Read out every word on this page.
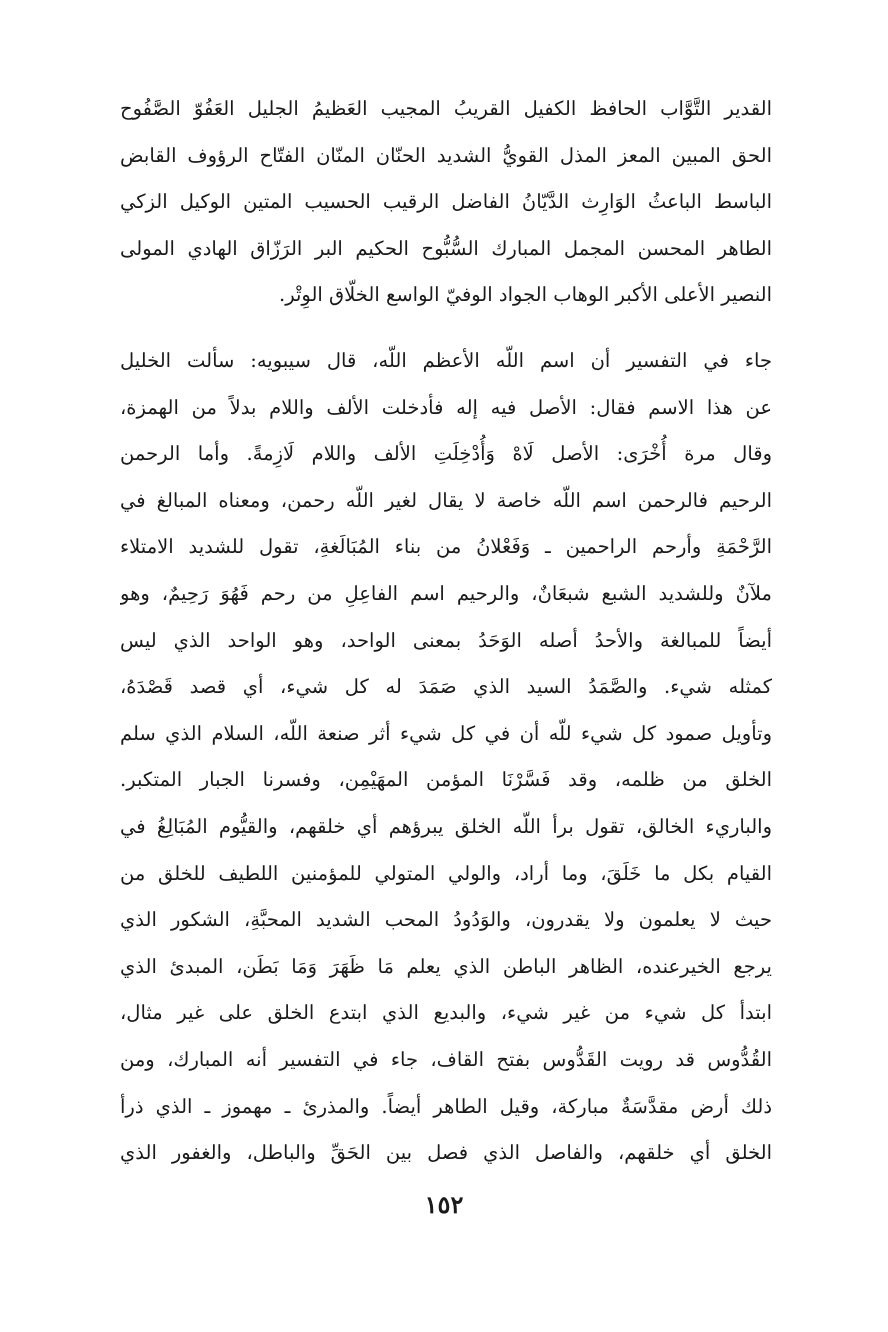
القدير التَّوَّاب الحافظ الكفيل القريبُ المجيب العَظيمُ الجليل العَفُوّ الصَّفُوح
الحق المبين المعز المذل القويُّ الشديد الحنّان المنّان الفتّاح الرؤوف القابض
الباسط الباعثُ الوَارِث الدَّيّانُ الفاضل الرقيب الحسيب المتين الوكيل الزكي
الطاهر المحسن المجمل المبارك السُّبُّوح الحكيم البر الرَزّاق الهادي المولى
النصير الأعلى الأكبر الوهاب الجواد الوفيّ الواسع الخلّاق الوِتْر.
جاء في التفسير أن اسم اللّه الأعظم اللّه، قال سيبويه: سألت الخليل
عن هذا الاسم فقال: الأصل فيه إله فأدخلت الألف واللام بدلاً من الهمزة،
وقال مرة أُخْرَى: الأصل لَاهْ وَأُدْخِلَتِ الألف واللام لَازِمةً. وأما الرحمن
الرحيم فالرحمن اسم اللّه خاصة لا يقال لغير اللّه رحمن، ومعناه المبالغ في
الرَّحْمَةِ وأرحم الراحمين ـ وَفَعْلانُ من بناء المُبَالَغةِ، تقول للشديد الامتلاء
ملآنٌ وللشديد الشبع شبعَانٌ، والرحيم اسم الفاعِلِ من رحم فَهُوَ رَحِيمٌ، وهو
أيضاً للمبالغة والأحدُ أصله الوَحَدُ بمعنى الواحد، وهو الواحد الذي ليس
كمثله شيء. والصَّمَدُ السيد الذي صَمَدَ له كل شيء، أي قصد قَصْدَهُ،
وتأويل صمود كل شيء للّه أن في كل شيء أثر صنعة اللّه، السلام الذي سلم
الخلق من ظلمه، وقد فَسَّرْنَا المؤمن المهَيْمِن، وفسرنا الجبار المتكبر.
والباريء الخالق، تقول برأ اللّه الخلق يبرؤهم أي خلقهم، والقيُّوم المُبَالِغُ في
القيام بكل ما خَلَقَ، وما أراد، والولي المتولي للمؤمنين اللطيف للخلق من
حيث لا يعلمون ولا يقدرون، والوَدُودُ المحب الشديد المحبَّةِ، الشكور الذي
يرجع الخيرعنده، الظاهر الباطن الذي يعلم مَا ظَهَرَ وَمَا بَطَن، المبدئ الذي
ابتدأ كل شيء من غير شيء، والبديع الذي ابتدع الخلق على غير مثال،
القُدُّوس قد رويت القَدُّوس بفتح القاف، جاء في التفسير أنه المبارك، ومن
ذلك أرض مقدَّسَةٌ مباركة، وقيل الطاهر أيضاً. والمذرئ ـ مهموز ـ الذي ذرأ
الخلق أي خلقهم، والفاصل الذي فصل بين الحَقِّ والباطل، والغفور الذي
١٥٢
